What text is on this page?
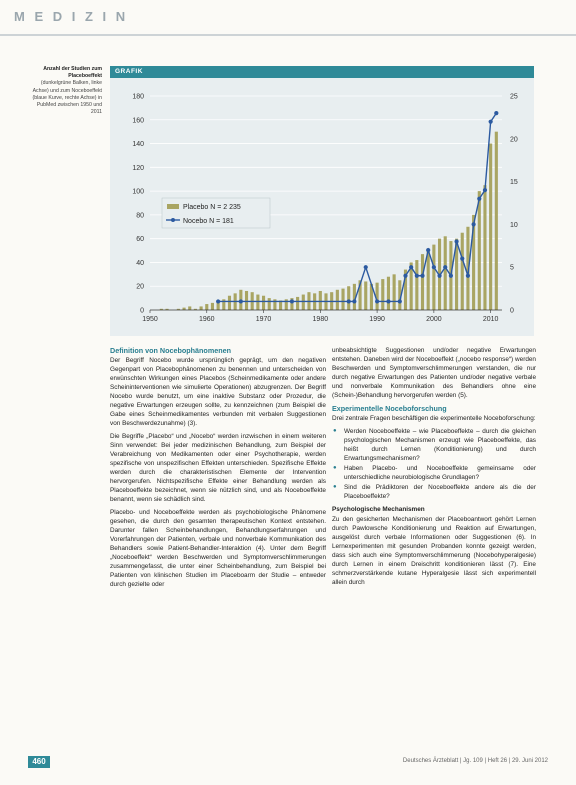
M E D I Z I N
Anzahl der Studien zum Placeboeffekt
(dunkelgrüne Balken, linke Achse) und zum Noceboeffekt (blaue Kurve, rechte Achse) in PubMed zwischen 1950 und 2011
GRAFIK
0
20
40
60
80
100
120
140
160
180
0
5
10
15
20
25
1950	1960	1970	1980	1990	2000	2010
Placebo N = 2 235
Nocebo N = 181
Definition von Nocebophänomenen

Der Begriff Nocebo wurde ursprünglich geprägt, um den negativen Gegenpart von Placebophänomenen zu benennen und unterscheiden von erwünschten Wirkungen eines Placebos (Scheinmedikamente oder andere Scheininterventionen wie simulierte Operationen) abzugrenzen. Der Begriff Nocebo wurde benutzt, um eine inaktive Substanz oder Prozedur, die negative Erwartungen erzeugen sollte, zu kennzeichnen (zum Beispiel die Gabe eines Scheinmedikamentes verbunden mit verbalen Suggestionen von Beschwerdezunahme) (3).

Die Begriffe „Placebo“ und „Nocebo“ werden inzwischen in einem weiteren Sinn verwendet: Bei jeder medizinischen Behandlung, zum Beispiel der Verabreichung von Medikamenten oder einer Psychotherapie, werden spezifische von unspezifischen Effekten unterschieden. Spezifische Effekte werden durch die charakteristischen Elemente der Intervention hervorgerufen. Nichtspezifische Effekte einer Behandlung werden als Placeboeffekte bezeichnet, wenn sie nützlich sind, und als Noceboeffekte benannt, wenn sie schädlich sind.

Placebo- und Noceboeffekte werden als psychobiologische Phänomene gesehen, die durch den gesamten therapeutischen Kontext entstehen. Darunter fallen Scheinbehandlungen, Behandlungserfahrungen und Vorerfahrungen der Patienten, verbale und nonverbale Kommunikation des Behandlers sowie Patient-Behandler-Interaktion (4). Unter dem Begriff „Noceboeffekt“ werden Beschwerden und Symptomverschlimmerungen zusammengefasst, die unter einer Scheinbehandlung, zum Beispiel bei Patienten von klinischen Studien im Placeboarm der Studie – entweder durch gezielte oder

unbeabsichtigte Suggestionen und/oder negative Erwartungen entstehen. Daneben wird der Noceboeffekt („nocebo response“) werden Beschwerden und Symptomverschlimmerungen verstanden, die nur durch negative Erwartungen des Patienten und/oder negative verbale und nonverbale Kommunikation des Behandlers ohne eine (Schein-)Behandlung hervorgerufen werden (5).

Experimentelle Noceboforschung

Drei zentrale Fragen beschäftigen die experimentelle Noceboforschung:

● Werden Noceboeffekte – wie Placeboeffekte – durch die gleichen psychologischen Mechanismen erzeugt wie Placeboeffekte, das heißt durch Lernen (Konditionierung) und durch Erwartungsmechanismen?
● Haben Placebo- und Noceboeffekte gemeinsame oder unterschiedliche neurobiologische Grundlagen?
● Sind die Prädiktoren der Noceboeffekte andere als die der Placeboeffekte?
Psychologische Mechanismen

Zu den gesicherten Mechanismen der Placeboantwort gehört Lernen durch Pawlowsche Konditionierung und Reaktion auf Erwartungen, ausgelöst durch verbale Informationen oder Suggestionen (6). In Lernexperimenten mit gesunden Probanden konnte gezeigt werden, dass sich auch eine Symptomverschlimmerung (Nocebohyperalgesie) durch Lernen in einem Dreischritt konditionieren lässt (7). Eine schmerzverstärkende kutane Hyperalgesie lässt sich experimentell allein durch

460	Deutsches Ärzteblatt | Jg. 109 | Heft 26 | 29. Juni 2012
